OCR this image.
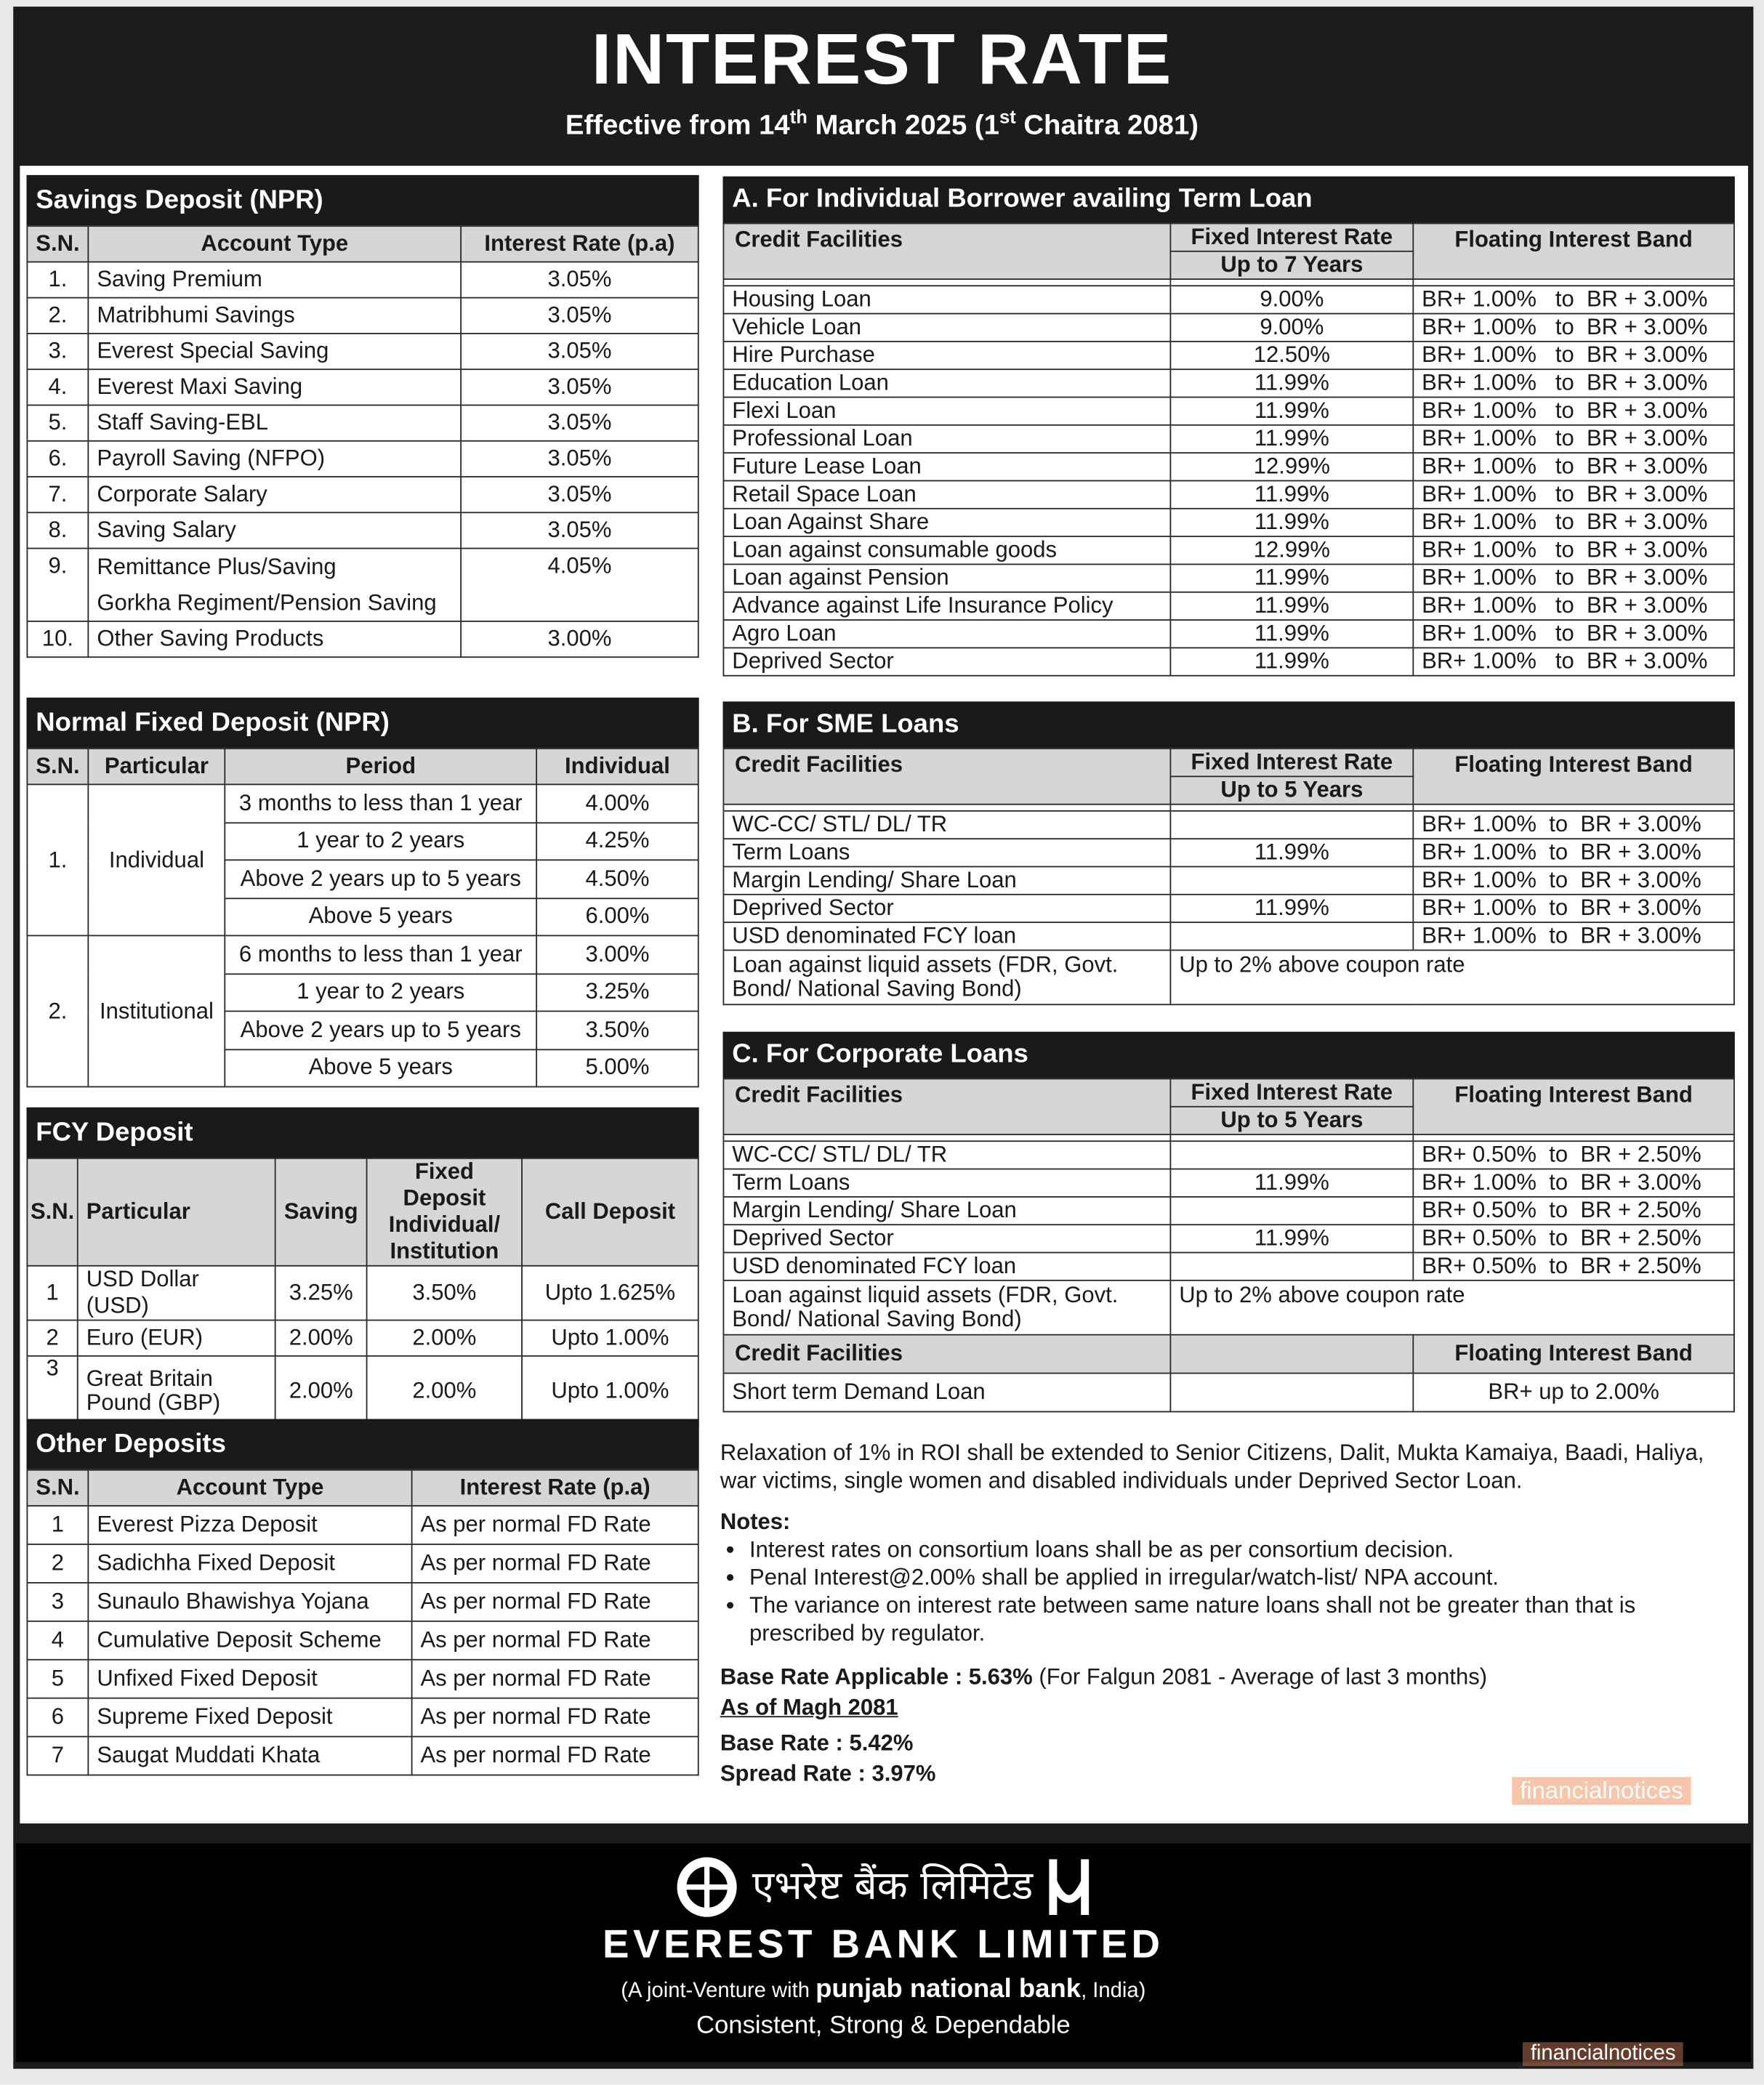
INTEREST RATE
Effective from 14th March 2025 (1st Chaitra 2081)
Savings Deposit (NPR)
S.N.	Account Type	Interest Rate (p.a)
1.	Saving Premium	3.05%
2.	Matribhumi Savings	3.05%
3.	Everest Special Saving	3.05%
4.	Everest Maxi Saving	3.05%
5.	Staff Saving-EBL	3.05%
6.	Payroll Saving (NFPO)	3.05%
7.	Corporate Salary	3.05%
8.	Saving Salary	3.05%
9.	Remittance Plus/Saving
Gorkha Regiment/Pension Saving	4.05%
10.	Other Saving Products	3.00%
Normal Fixed Deposit (NPR)
S.N.	Particular	Period	Individual
1.	Individual	3 months to less than 1 year	4.00%
		1 year to 2 years	4.25%
		Above 2 years up to 5 years	4.50%
		Above 5 years	6.00%
2.	Institutional	6 months to less than 1 year	3.00%
		1 year to 2 years	3.25%
		Above 2 years up to 5 years	3.50%
		Above 5 years	5.00%
FCY Deposit
S.N.	Particular	Saving	Fixed Deposit Individual/ Institution	Call Deposit
1	USD Dollar (USD)	3.25%	3.50%	Upto 1.625%
2	Euro (EUR)	2.00%	2.00%	Upto 1.00%
3	Great Britain Pound (GBP)	2.00%	2.00%	Upto 1.00%
Other Deposits
S.N.	Account Type	Interest Rate (p.a)
1	Everest Pizza Deposit	As per normal FD Rate
2	Sadichha Fixed Deposit	As per normal FD Rate
3	Sunaulo Bhawishya Yojana	As per normal FD Rate
4	Cumulative Deposit Scheme	As per normal FD Rate
5	Unfixed Fixed Deposit	As per normal FD Rate
6	Supreme Fixed Deposit	As per normal FD Rate
7	Saugat Muddati Khata	As per normal FD Rate
A. For Individual Borrower availing Term Loan
Credit Facilities	Fixed Interest Rate	Floating Interest Band
	Up to 7 Years	

Housing Loan	9.00%	BR+ 1.00%   to  BR + 3.00%
Vehicle Loan	9.00%	BR+ 1.00%   to  BR + 3.00%
Hire Purchase	12.50%	BR+ 1.00%   to  BR + 3.00%
Education Loan	11.99%	BR+ 1.00%   to  BR + 3.00%
Flexi Loan	11.99%	BR+ 1.00%   to  BR + 3.00%
Professional Loan	11.99%	BR+ 1.00%   to  BR + 3.00%
Future Lease Loan	12.99%	BR+ 1.00%   to  BR + 3.00%
Retail Space Loan	11.99%	BR+ 1.00%   to  BR + 3.00%
Loan Against Share	11.99%	BR+ 1.00%   to  BR + 3.00%
Loan against consumable goods	12.99%	BR+ 1.00%   to  BR + 3.00%
Loan against Pension	11.99%	BR+ 1.00%   to  BR + 3.00%
Advance against Life Insurance Policy	11.99%	BR+ 1.00%   to  BR + 3.00%
Agro Loan	11.99%	BR+ 1.00%   to  BR + 3.00%
Deprived Sector	11.99%	BR+ 1.00%   to  BR + 3.00%
B. For SME Loans
Credit Facilities	Fixed Interest Rate	Floating Interest Band
	Up to 5 Years	

WC-CC/ STL/ DL/ TR		BR+ 1.00%  to  BR + 3.00%
Term Loans	11.99%	BR+ 1.00%  to  BR + 3.00%
Margin Lending/ Share Loan		BR+ 1.00%  to  BR + 3.00%
Deprived Sector	11.99%	BR+ 1.00%  to  BR + 3.00%
USD denominated FCY loan		BR+ 1.00%  to  BR + 3.00%
Loan against liquid assets (FDR, Govt. Bond/ National Saving Bond)	Up to 2% above coupon rate	
C. For Corporate Loans
Credit Facilities	Fixed Interest Rate	Floating Interest Band
	Up to 5 Years	

WC-CC/ STL/ DL/ TR		BR+ 0.50%  to  BR + 2.50%
Term Loans	11.99%	BR+ 1.00%  to  BR + 3.00%
Margin Lending/ Share Loan		BR+ 0.50%  to  BR + 2.50%
Deprived Sector	11.99%	BR+ 0.50%  to  BR + 2.50%
USD denominated FCY loan		BR+ 0.50%  to  BR + 2.50%
Loan against liquid assets (FDR, Govt. Bond/ National Saving Bond)	Up to 2% above coupon rate	
Credit Facilities		Floating Interest Band
Short term Demand Loan		BR+ up to 2.00%

Relaxation of 1% in ROI shall be extended to Senior Citizens, Dalit, Mukta Kamaiya, Baadi, Haliya, war victims, single women and disabled individuals under Deprived Sector Loan.

Notes:

• Interest rates on consortium loans shall be as per consortium decision.
• Penal Interest@2.00% shall be applied in irregular/watch-list/ NPA account.
• The variance on interest rate between same nature loans shall not be greater than that is prescribed by regulator.

Base Rate Applicable : 5.63% (For Falgun 2081 - Average of last 3 months)

As of Magh 2081

Base Rate : 5.42%

Spread Rate : 3.97%

financialnotices
एभरेष्ट बैंक लिमिटेड
EVEREST BANK LIMITED
(A joint-Venture with punjab national bank, India)
Consistent, Strong & Dependable
financialnotices
